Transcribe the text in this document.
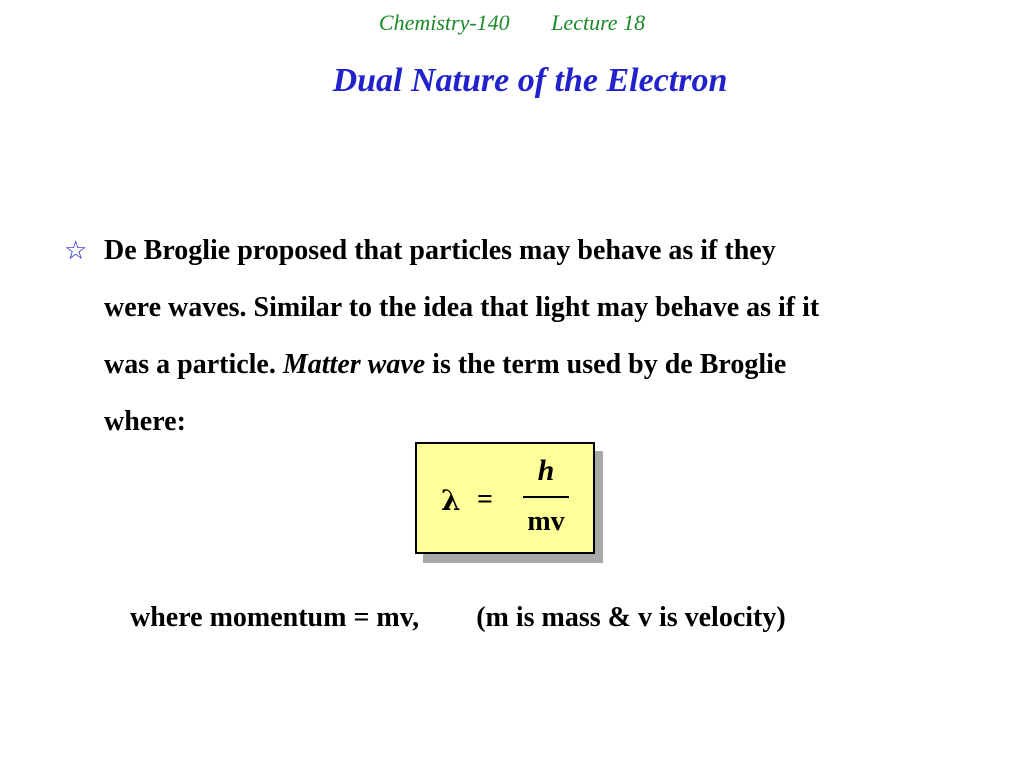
Chemistry-140 Lecture 18
Dual Nature of the Electron
☆ De Broglie proposed that particles may behave as if they
were waves. Similar to the idea that light may behave as if it
was a particle. Matter wave is the term used by de Broglie
where:
λ =
h
mv
where momentum = mv, (m is mass & v is velocity)
